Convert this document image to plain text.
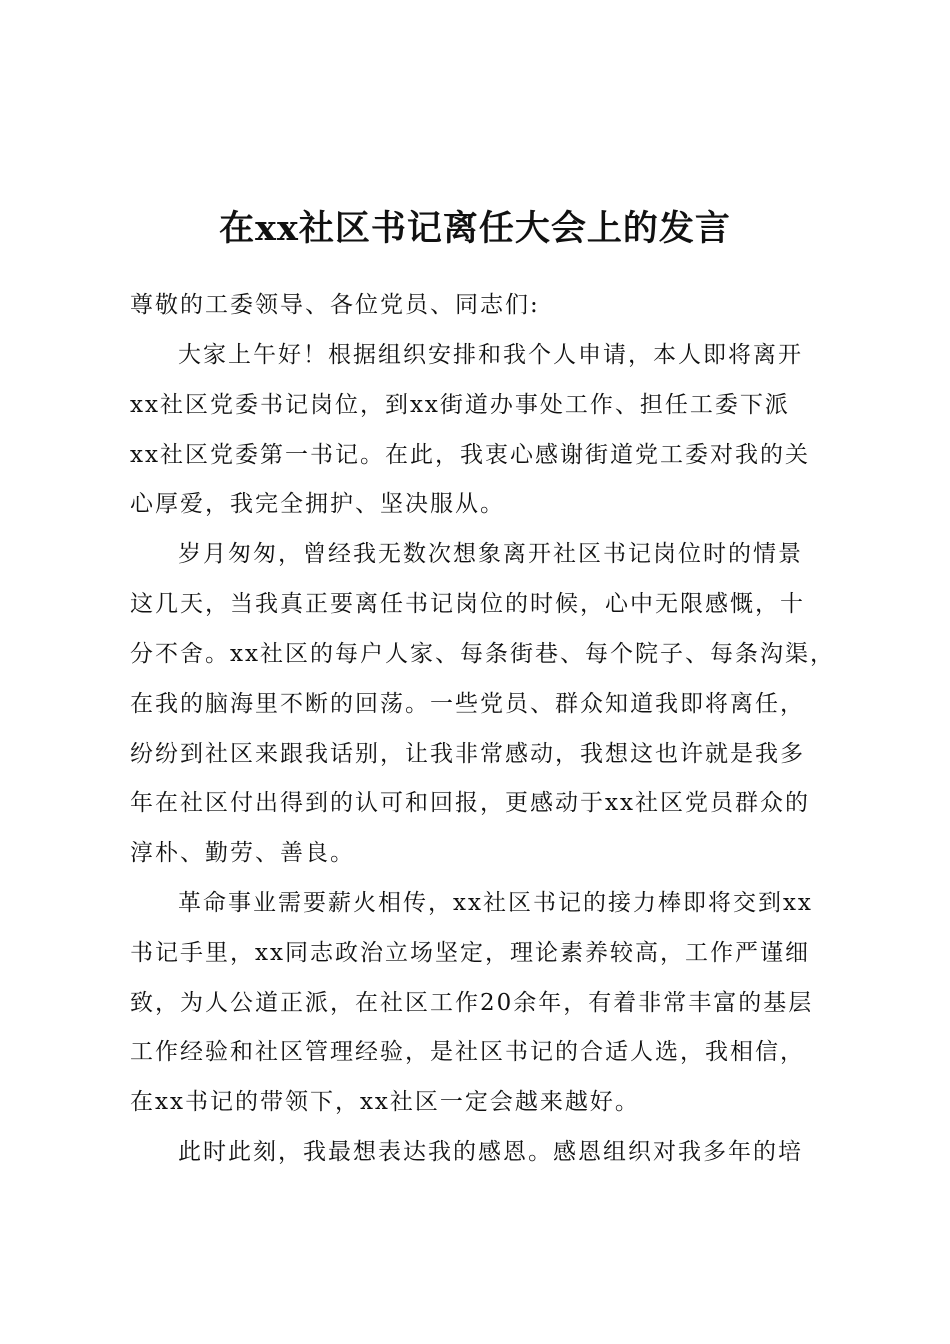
在xx社区书记离任大会上的发言

尊敬的工委领导、各位党员、同志们:

大家上午好！根据组织安排和我个人申请，本人即将离开

xx社区党委书记岗位，到xx街道办事处工作、担任工委下派

xx社区党委第一书记。在此，我衷心感谢街道党工委对我的关

心厚爱，我完全拥护、坚决服从。

岁月匆匆，曾经我无数次想象离开社区书记岗位时的情景

这几天，当我真正要离任书记岗位的时候，心中无限感慨，十

分不舍。xx社区的每户人家、每条街巷、每个院子、每条沟渠，

在我的脑海里不断的回荡。一些党员、群众知道我即将离任，

纷纷到社区来跟我话别，让我非常感动，我想这也许就是我多

年在社区付出得到的认可和回报，更感动于xx社区党员群众的

淳朴、勤劳、善良。

革命事业需要薪火相传，xx社区书记的接力棒即将交到xx

书记手里，xx同志政治立场坚定，理论素养较高，工作严谨细

致，为人公道正派，在社区工作20余年，有着非常丰富的基层

工作经验和社区管理经验，是社区书记的合适人选，我相信，

在xx书记的带领下，xx社区一定会越来越好。

此时此刻，我最想表达我的感恩。感恩组织对我多年的培
